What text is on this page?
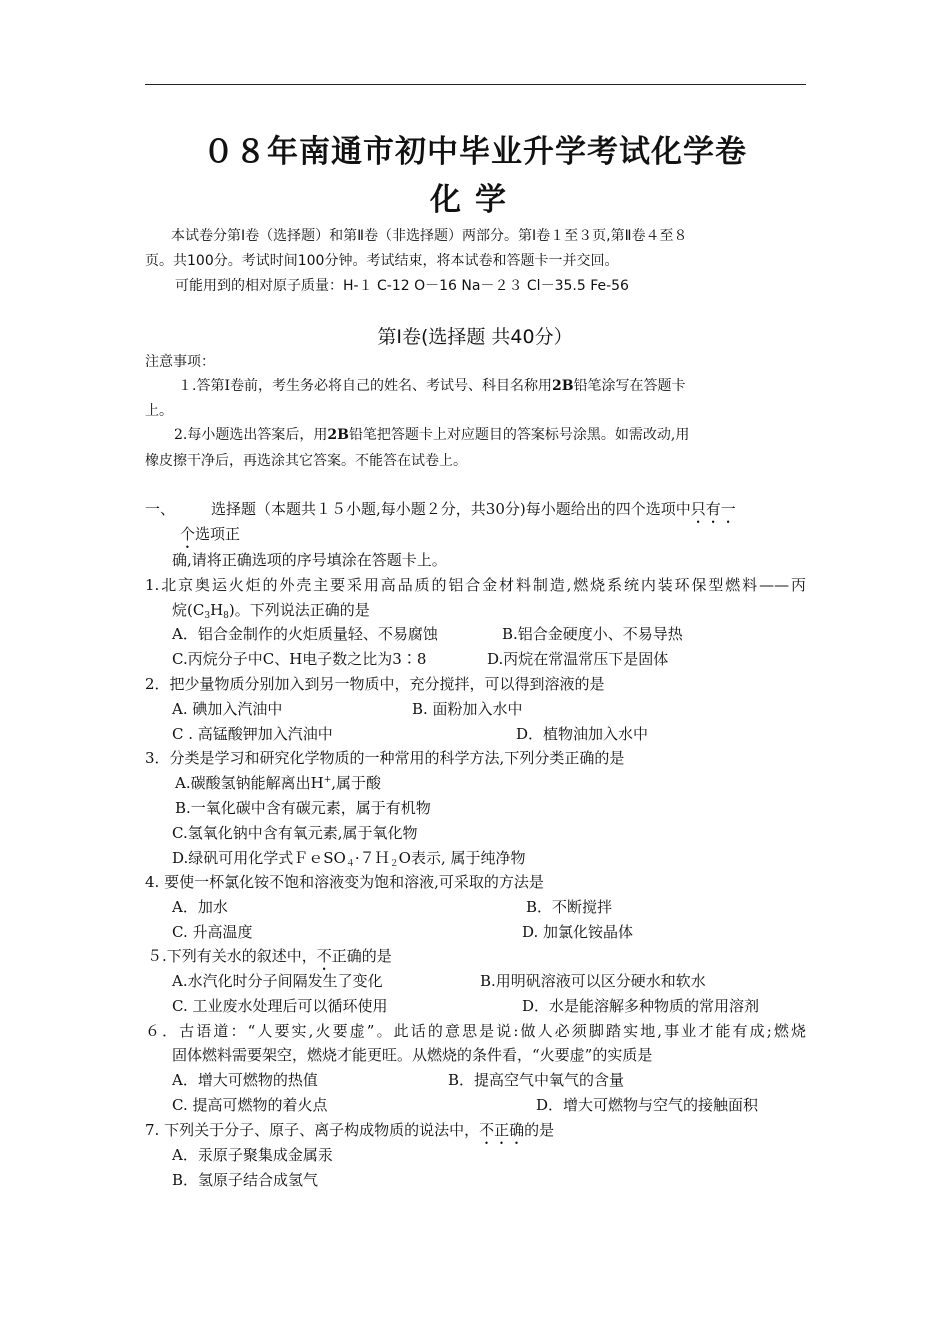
０８年南通市初中毕业升学考试化学卷
化学
本试卷分第Ⅰ卷（选择题）和第Ⅱ卷（非选择题）两部分。第Ⅰ卷１至３页,第Ⅱ卷４至８
页。共100分。考试时间100分钟。考试结束，将本试卷和答题卡一并交回。
可能用到的相对原子质量：H-１ C-12 O－16 Na－２３ Cl－35.5 Fe-56
第Ⅰ卷(选择题 共40分）
注意事项：
１.答第Ⅰ卷前，考生务必将自己的姓名、考试号、科目名称用2B铅笔涂写在答题卡
上。
2.每小题选出答案后，用2B铅笔把答题卡上对应题目的答案标号涂黑。如需改动,用
橡皮擦干净后，再选涂其它答案。不能答在试卷上。
一、 选择题（本题共１５小题,每小题２分，共30分)每小题给出的四个选项中只有一
个选项正
确,请将正确选项的序号填涂在答题卡上。
1.北京奥运火炬的外壳主要采用高品质的铝合金材料制造,燃烧系统内装环保型燃料——丙
烷$(C_3H_8)$。下列说法正确的是
A．铝合金制作的火炬质量轻、不易腐蚀	B.铝合金硬度小、不易导热
C.丙烷分子中C、H电子数之比为3∶8	D.丙烷在常温常压下是固体
2．把少量物质分别加入到另一物质中，充分搅拌，可以得到溶液的是
A. 碘加入汽油中	B. 面粉加入水中
C . 高锰酸钾加入汽油中	D．植物油加入水中
3．分类是学习和研究化学物质的一种常用的科学方法,下列分类正确的是
A.碳酸氢钠能解离出H+,属于酸
B.一氧化碳中含有碳元素，属于有机物
C.氢氧化钠中含有氧元素,属于氧化物
D.绿矾可用化学式ＦｅSO$_4$·７Ｈ$_2$O表示, 属于纯净物
4. 要使一杯氯化铵不饱和溶液变为饱和溶液,可采取的方法是
A．加水	B．不断搅拌
C. 升高温度	D. 加氯化铵晶体
５.下列有关水的叙述中，不正确的是
A.水汽化时分子间隔发生了变化	B.用明矾溶液可以区分硬水和软水
C. 工业废水处理后可以循环使用	D．水是能溶解多种物质的常用溶剂
６．古语道：“人要实,火要虚”。此话的意思是说:做人必须脚踏实地,事业才能有成;燃烧
固体燃料需要架空，燃烧才能更旺。从燃烧的条件看，“火要虚”的实质是
A．增大可燃物的热值	B．提高空气中氧气的含量
C. 提高可燃物的着火点	D．增大可燃物与空气的接触面积
7. 下列关于分子、原子、离子构成物质的说法中，不正确的是
A．汞原子聚集成金属汞
B．氢原子结合成氢气
